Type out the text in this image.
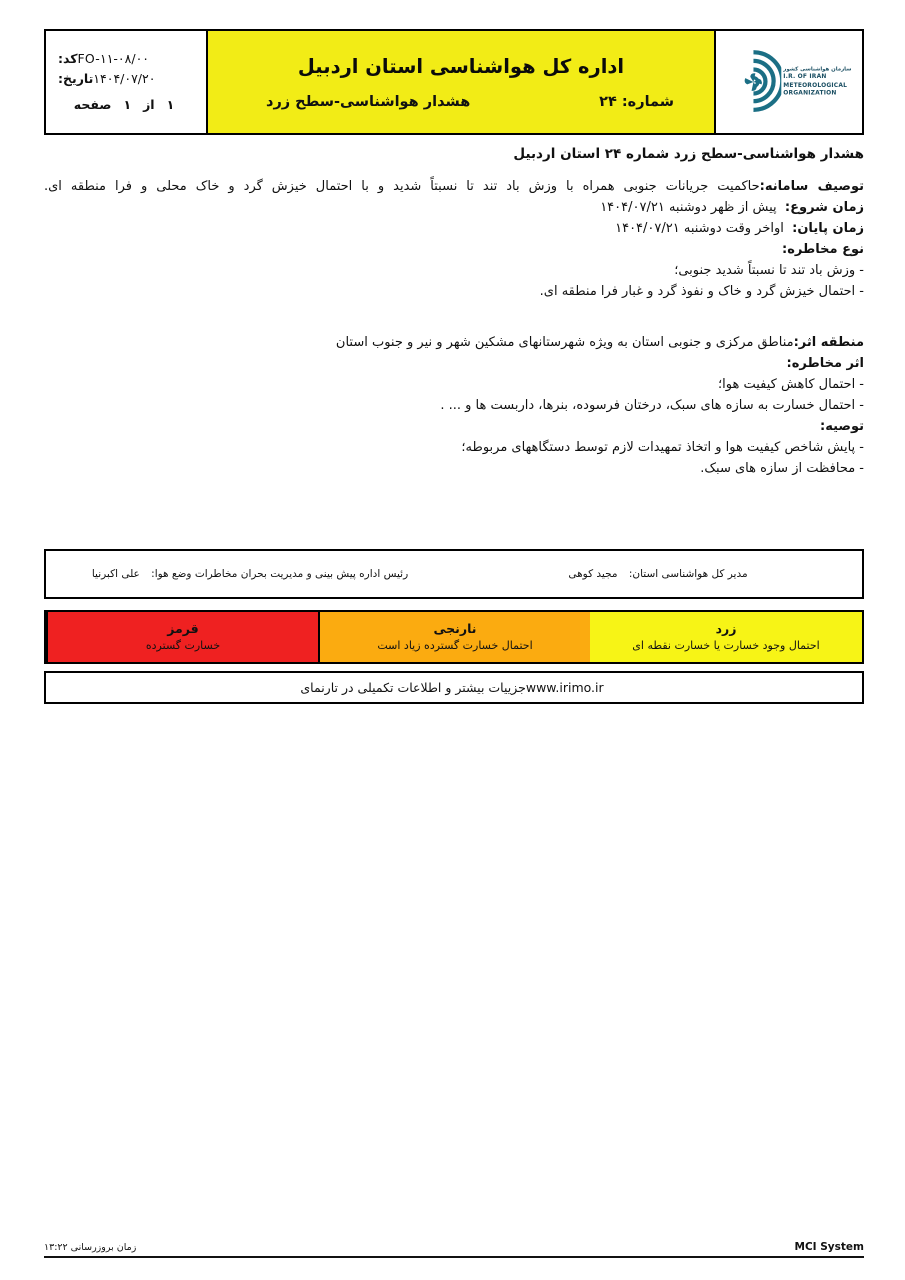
کد: FO-۱۱-۰۸/۰۰
تاریخ: ۱۴۰۴/۰۷/۲۰
صفحه ۱ از ۱
اداره کل هواشناسی استان اردبیل
هشدار هواشناسی-سطح زرد	شماره: ۲۴
سازمان هواشناسی کشور
I.R. OF IRAN
METEOROLOGICAL
ORGANIZATION
هشدار هواشناسی-سطح زرد شماره ۲۴ استان اردبیل

توصیف سامانه:حاکمیت جریانات جنوبی همراه با وزش باد تند تا نسبتاً شدید و با احتمال خیزش گرد و خاک محلی و فرا منطقه ای.

زمان شروع:  پیش از ظهر دوشنبه ۱۴۰۴/۰۷/۲۱

زمان پایان:  اواخر وقت دوشنبه ۱۴۰۴/۰۷/۲۱

نوع مخاطره:

- وزش باد تند تا نسبتاً شدید جنوبی؛

- احتمال خیزش گرد و خاک و نفوذ گرد و غبار فرا منطقه ای.

منطقه اثر:مناطق مرکزی و جنوبی استان به ویژه شهرستانهای مشکین شهر و نیر و جنوب استان

اثر مخاطره:

- احتمال کاهش کیفیت هوا؛

- احتمال خسارت به سازه های سبک، درختان فرسوده، بنرها، داربست ها و ... .

توصیه:

- پایش شاخص کیفیت هوا و اتخاذ تمهیدات لازم توسط دستگاههای مربوطه؛

- محافظت از سازه های سبک.

رئیس اداره پیش بینی و مدیریت بحران مخاطرات وضع هوا: علی اکبرنیا	مدیر کل هواشناسی استان: مجید کوهی
قرمز
خسارت گسترده
نارنجی
احتمال خسارت گسترده زیاد است
زرد
احتمال وجود خسارت یا خسارت نقطه ای
www.irimo.ir
جزییات بیشتر و اطلاعات تکمیلی در تارنمای
زمان بروزرسانی ۱۳:۲۲	MCI System
